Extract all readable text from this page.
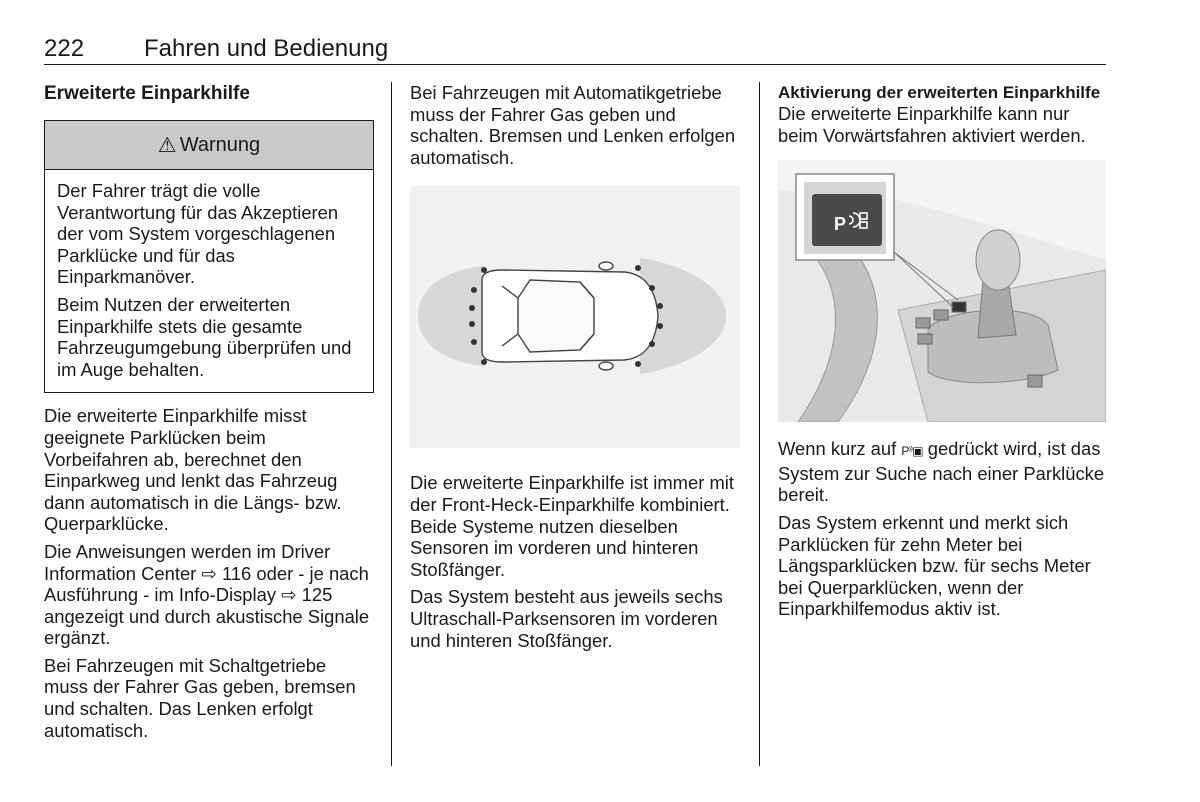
222 Fahren und Bedienung
Erweiterte Einparkhilfe
⚠ Warnung

Der Fahrer trägt die volle Verantwortung für das Akzeptieren der vom System vorgeschlagenen Parklücke und für das Einparkmanöver.

Beim Nutzen der erweiterten Einparkhilfe stets die gesamte Fahrzeugumgebung überprüfen und im Auge behalten.

Die erweiterte Einparkhilfe misst geeignete Parklücken beim Vorbeifahren ab, berechnet den Einparkweg und lenkt das Fahrzeug dann automatisch in die Längs- bzw. Querparklücke.

Die Anweisungen werden im Driver Information Center ⇨ 116 oder - je nach Ausführung - im Info-Display ⇨ 125 angezeigt und durch akustische Signale ergänzt.

Bei Fahrzeugen mit Schaltgetriebe muss der Fahrer Gas geben, bremsen und schalten. Das Lenken erfolgt automatisch.

Bei Fahrzeugen mit Automatikgetriebe muss der Fahrer Gas geben und schalten. Bremsen und Lenken erfolgen automatisch.

Die erweiterte Einparkhilfe ist immer mit der Front-Heck-Einparkhilfe kombiniert. Beide Systeme nutzen dieselben Sensoren im vorderen und hinteren Stoßfänger.

Das System besteht aus jeweils sechs Ultraschall-Parksensoren im vorderen und hinteren Stoßfänger.

Aktivierung der erweiterten Einparkhilfe

Die erweiterte Einparkhilfe kann nur beim Vorwärtsfahren aktiviert werden.

P

Wenn kurz auf P⁾⁾▣ gedrückt wird, ist das System zur Suche nach einer Parklücke bereit.

Das System erkennt und merkt sich Parklücken für zehn Meter bei Längsparklücken bzw. für sechs Meter bei Querparklücken, wenn der Einparkhilfemodus aktiv ist.
